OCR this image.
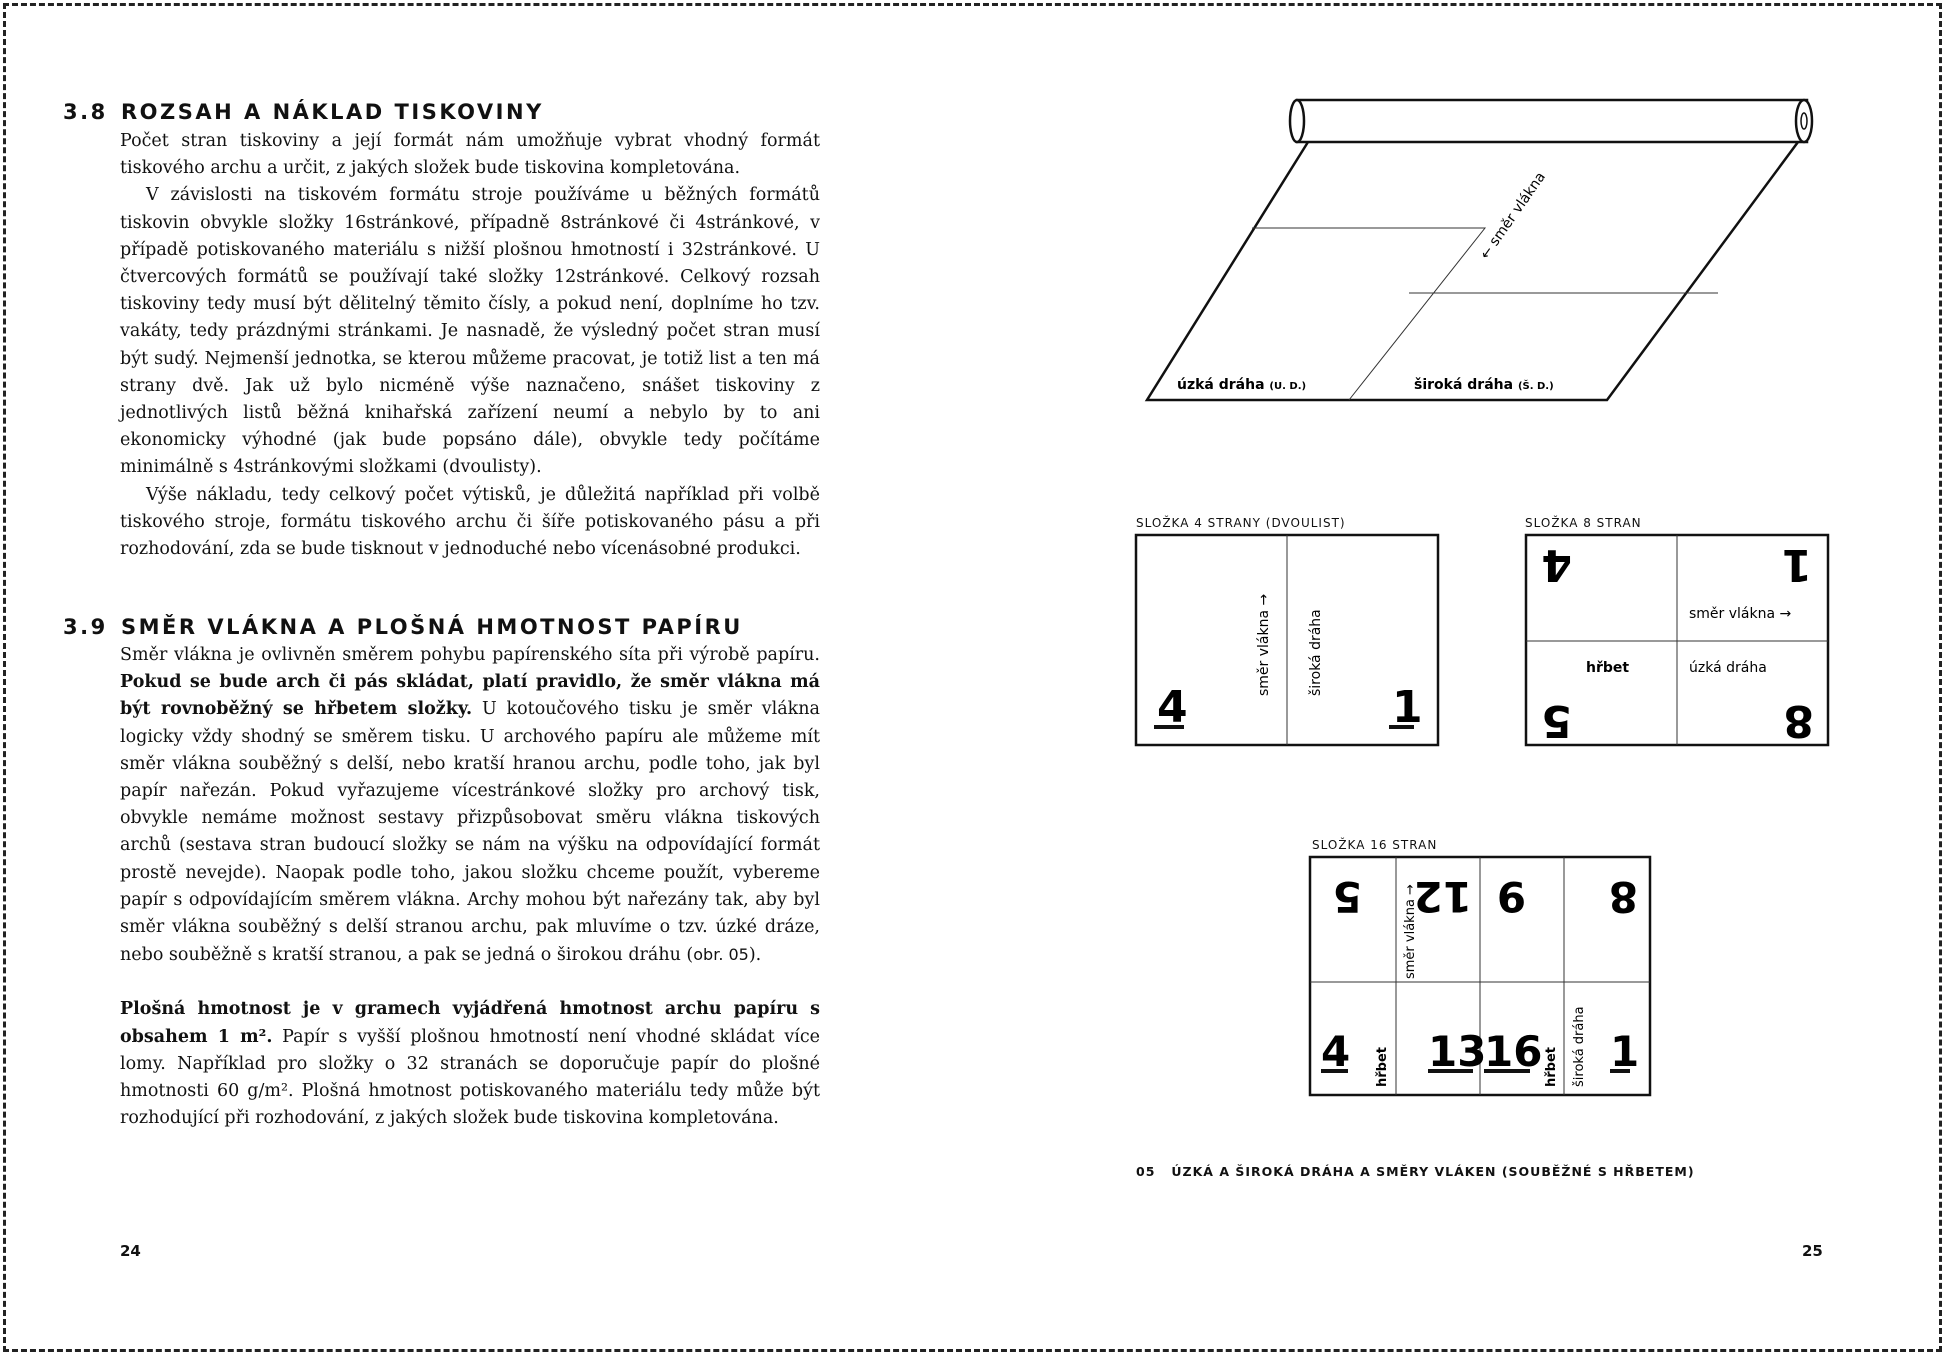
3.8 ROZSAH A NÁKLAD TISKOVINY

Počet stran tiskoviny a její formát nám umožňuje vybrat vhodný formát tiskového archu a určit, z jakých složek bude tiskovina kompletována.

V závislosti na tiskovém formátu stroje používáme u běžných formátů tiskovin obvykle složky 16stránkové, případně 8stránkové či 4stránkové, v případě potiskovaného materiálu s nižší plošnou hmotností i 32stránkové. U čtvercových formátů se používají také složky 12stránkové. Celkový rozsah tiskoviny tedy musí být dělitelný těmito čísly, a pokud není, doplníme ho tzv. vakáty, tedy prázdnými stránkami. Je nasnadě, že výsledný počet stran musí být sudý. Nejmenší jednotka, se kterou můžeme pracovat, je totiž list a ten má strany dvě. Jak už bylo nicméně výše naznačeno, snášet tiskoviny z jednotlivých listů běžná knihařská zařízení neumí a nebylo by to ani ekonomicky výhodné (jak bude popsáno dále), obvykle tedy počítáme minimálně s 4stránkovými složkami (dvoulisty).

Výše nákladu, tedy celkový počet výtisků, je důležitá například při volbě tiskového stroje, formátu tiskového archu či šíře potiskovaného pásu a při rozhodování, zda se bude tisknout v jednoduché nebo vícenásobné produkci.

3.9 SMĚR VLÁKNA A PLOŠNÁ HMOTNOST PAPÍRU

Směr vlákna je ovlivněn směrem pohybu papírenského síta při výrobě papíru. Pokud se bude arch či pás skládat, platí pravidlo, že směr vlákna má být rovnoběžný se hřbetem složky. U kotoučového tisku je směr vlákna logicky vždy shodný se směrem tisku. U archového papíru ale můžeme mít směr vlákna souběžný s delší, nebo kratší hranou archu, podle toho, jak byl papír nařezán. Pokud vyřazujeme vícestránkové složky pro archový tisk, obvykle nemáme možnost sestavy přizpůsobovat směru vlákna tiskových archů (sestava stran budoucí složky se nám na výšku na odpovídající formát prostě nevejde). Naopak podle toho, jakou složku chceme použít, vybereme papír s odpovídajícím směrem vlákna. Archy mohou být nařezány tak, aby byl směr vlákna souběžný s delší stranou archu, pak mluvíme o tzv. úzké dráze, nebo souběžně s kratší stranou, a pak se jedná o širokou dráhu (obr. 05).

Plošná hmotnost je v gramech vyjádřená hmotnost archu papíru s obsahem 1 m². Papír s vyšší plošnou hmotností není vhodné skládat více lomy. Například pro složky o 32 stranách se doporučuje papír do plošné hmotnosti 60 g/m². Plošná hmotnost potiskovaného materiálu tedy může být rozhodující při rozhodování, z jakých složek bude tiskovina kompletována.

24
← směr vlákna
úzká dráha (U. D.)	široká dráha (Š. D.)
SLOŽKA 4 STRANY (DVOULIST)
směr vlákna →	široká dráha
4	1
SLOŽKA 8 STRAN
4	1
5	8
směr vlákna →
hřbet	úzká dráha
SLOŽKA 16 STRAN
5 12 9 8
směr vlákna →
4 hřbet 13
16 hřbet široká dráha 1
05 ÚZKÁ A ŠIROKÁ DRÁHA A SMĚRY VLÁKEN (SOUBĚŽNÉ S HŘBETEM)
25
